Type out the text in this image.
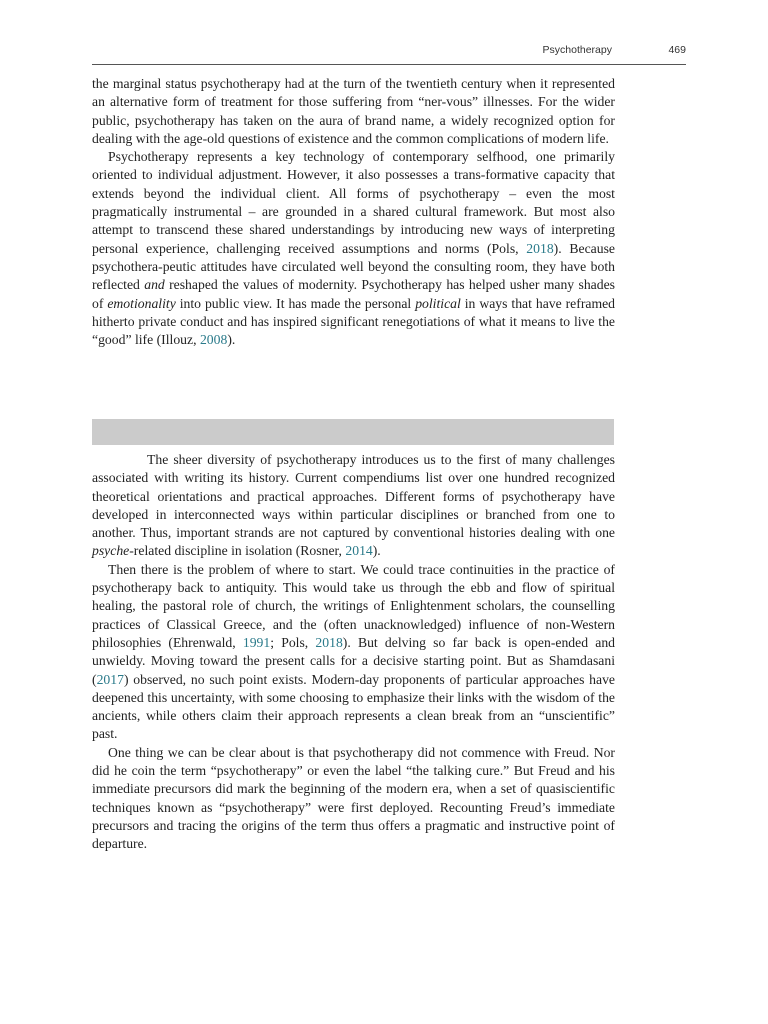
Psychotherapy	469

the marginal status psychotherapy had at the turn of the twentieth century when it represented an alternative form of treatment for those suffering from “ner-vous” illnesses. For the wider public, psychotherapy has taken on the aura of brand name, a widely recognized option for dealing with the age-old questions of existence and the common complications of modern life.

Psychotherapy represents a key technology of contemporary selfhood, one primarily oriented to individual adjustment. However, it also possesses a trans-formative capacity that extends beyond the individual client. All forms of psychotherapy – even the most pragmatically instrumental – are grounded in a shared cultural framework. But most also attempt to transcend these shared understandings by introducing new ways of interpreting personal experience, challenging received assumptions and norms (Pols, 2018). Because psychothera-peutic attitudes have circulated well beyond the consulting room, they have both reflected and reshaped the values of modernity. Psychotherapy has helped usher many shades of emotionality into public view. It has made the personal political in ways that have reframed hitherto private conduct and has inspired significant renegotiations of what it means to live the “good” life (Illouz, 2008).

The sheer diversity of psychotherapy introduces us to the first of many challenges associated with writing its history. Current compendiums list over one hundred recognized theoretical orientations and practical approaches. Different forms of psychotherapy have developed in interconnected ways within particular disciplines or branched from one to another. Thus, important strands are not captured by conventional histories dealing with one psyche-related discipline in isolation (Rosner, 2014).

Then there is the problem of where to start. We could trace continuities in the practice of psychotherapy back to antiquity. This would take us through the ebb and flow of spiritual healing, the pastoral role of church, the writings of Enlightenment scholars, the counselling practices of Classical Greece, and the (often unacknowledged) influence of non-Western philosophies (Ehrenwald, 1991; Pols, 2018). But delving so far back is open-ended and unwieldy. Moving toward the present calls for a decisive starting point. But as Shamdasani (2017) observed, no such point exists. Modern-day proponents of particular approaches have deepened this uncertainty, with some choosing to emphasize their links with the wisdom of the ancients, while others claim their approach represents a clean break from an “unscientific” past.

One thing we can be clear about is that psychotherapy did not commence with Freud. Nor did he coin the term “psychotherapy” or even the label “the talking cure.” But Freud and his immediate precursors did mark the beginning of the modern era, when a set of quasiscientific techniques known as “psychotherapy” were first deployed. Recounting Freud’s immediate precursors and tracing the origins of the term thus offers a pragmatic and instructive point of departure.
